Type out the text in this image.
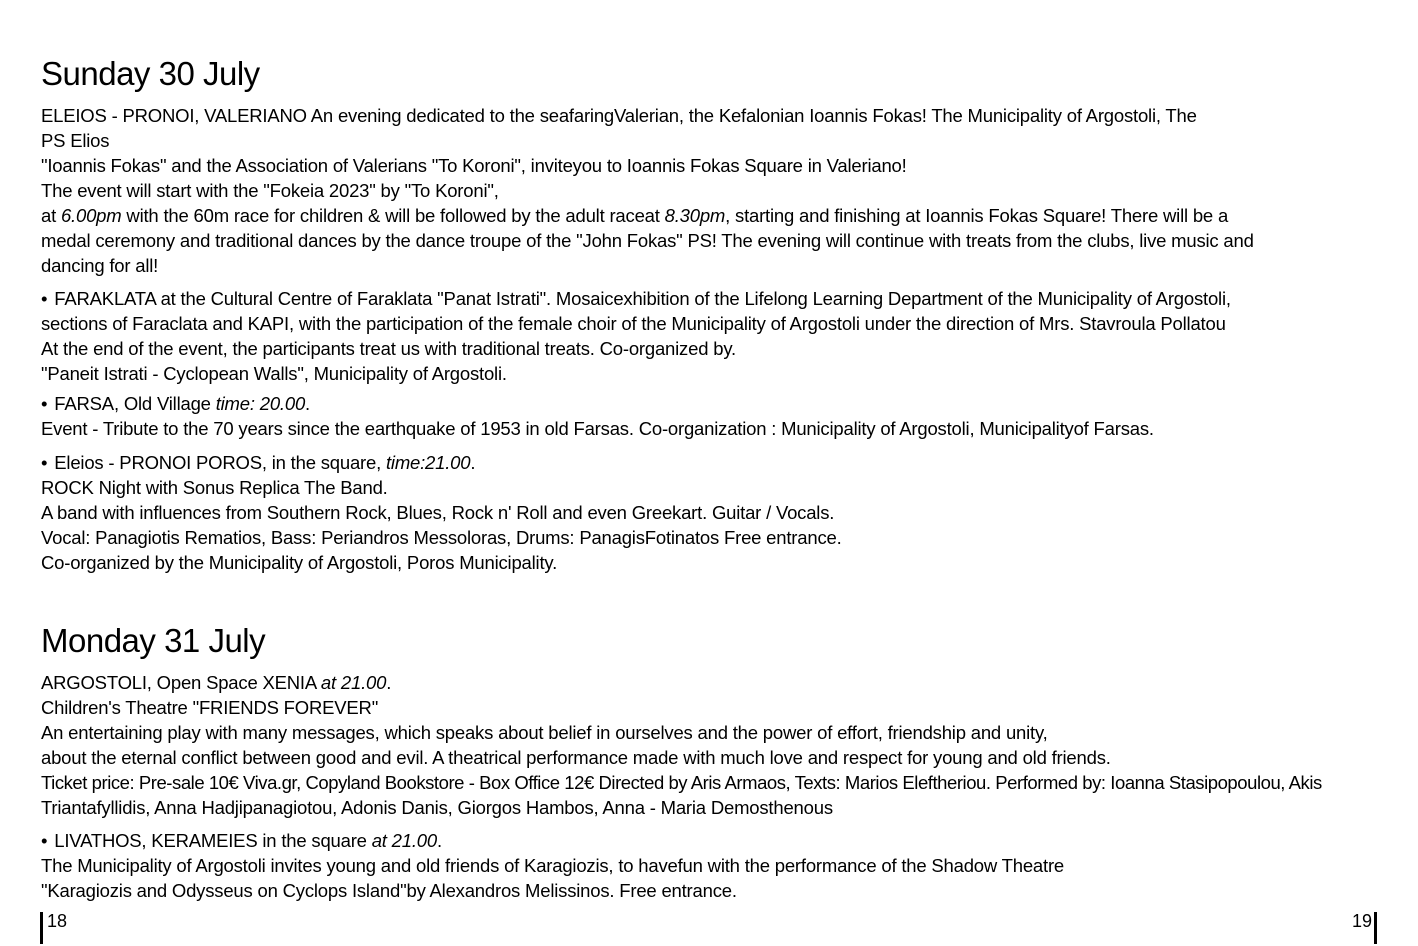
Sunday 30 July

ELEIOS - PRONOI, VALERIANO An evening dedicated to the seafaringValerian, the Kefalonian Ioannis Fokas! The Municipality of Argostoli, The

PS Elios

"Ioannis Fokas" and the Association of Valerians "To Koroni", inviteyou to Ioannis Fokas Square in Valeriano!

The event will start with the "Fokeia 2023" by "To Koroni",

at 6.00pm with the 60m race for children & will be followed by the adult raceat 8.30pm, starting and finishing at Ioannis Fokas Square! There will be a

medal ceremony and traditional dances by the dance troupe of the "John Fokas" PS! The evening will continue with treats from the clubs, live music and

dancing for all!

• FARAKLATA at the Cultural Centre of Faraklata "Panat Istrati". Mosaicexhibition of the Lifelong Learning Department of the Municipality of Argostoli,

sections of Faraclata and KAPI, with the participation of the female choir of the Municipality of Argostoli under the direction of Mrs. Stavroula Pollatou

At the end of the event, the participants treat us with traditional treats. Co-organized by.

"Paneit Istrati - Cyclopean Walls", Municipality of Argostoli.

• FARSA, Old Village time: 20.00.

Event - Tribute to the 70 years since the earthquake of 1953 in old Farsas. Co-organization : Municipality of Argostoli, Municipalityof Farsas.

• Eleios - PRONOI POROS, in the square, time:21.00.

ROCK Night with Sonus Replica The Band.

A band with influences from Southern Rock, Blues, Rock n' Roll and even Greekart. Guitar / Vocals.

Vocal: Panagiotis Rematios, Bass: Periandros Messoloras, Drums: PanagisFotinatos Free entrance.

Co-organized by the Municipality of Argostoli, Poros Municipality.

Monday 31 July

ARGOSTOLI, Open Space XENIA at 21.00.

Children's Theatre "FRIENDS FOREVER"

An entertaining play with many messages, which speaks about belief in ourselves and the power of effort, friendship and unity,

about the eternal conflict between good and evil. A theatrical performance made with much love and respect for young and old friends.

Ticket price: Pre-sale 10€ Viva.gr, Copyland Bookstore - Box Office 12€ Directed by Aris Armaos, Texts: Marios Eleftheriou. Performed by: Ioanna Stasipopoulou, Akis

Triantafyllidis, Anna Hadjipanagiotou, Adonis Danis, Giorgos Hambos, Anna - Maria Demosthenous

• LIVATHOS, KERAMEIES in the square at 21.00.

The Municipality of Argostoli invites young and old friends of Karagiozis, to havefun with the performance of the Shadow Theatre

"Karagiozis and Odysseus on Cyclops Island"by Alexandros Melissinos. Free entrance.

18	19
